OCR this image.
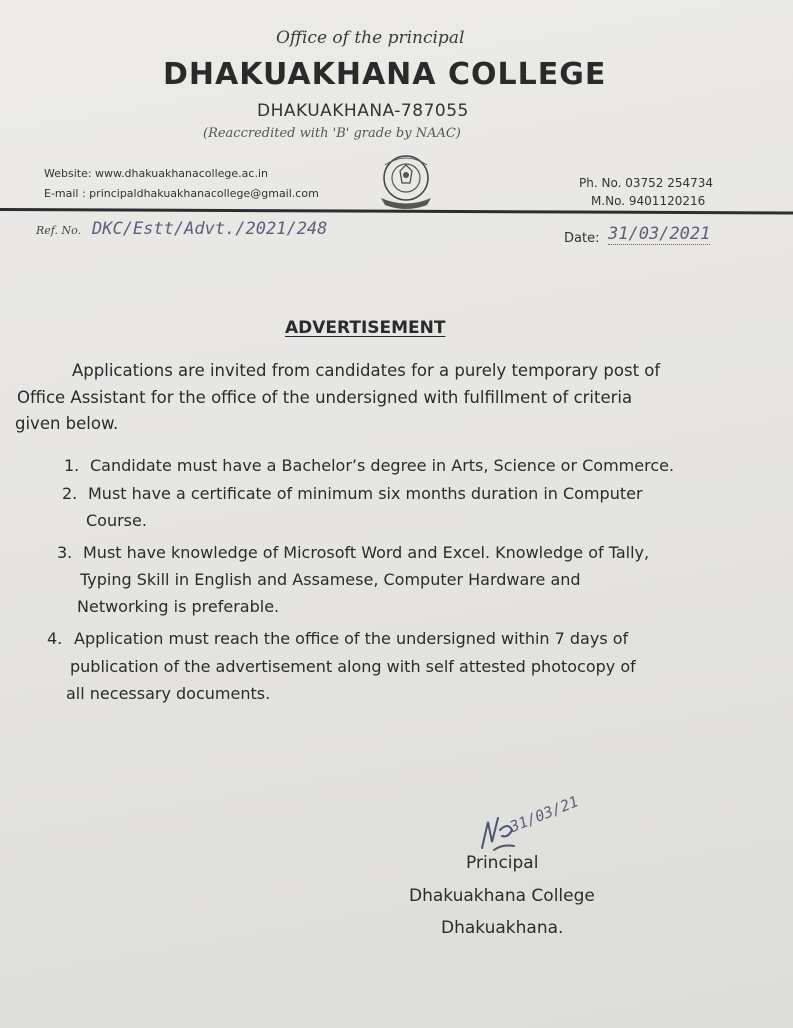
Office of the principal
DHAKUAKHANA COLLEGE
DHAKUAKHANA-787055
(Reaccredited with 'B' grade by NAAC)
Website: www.dhakuakhanacollege.ac.in
E-mail : principaldhakuakhanacollege@gmail.com
Ph. No. 03752 254734
M.No. 9401120216
Ref. No. DKC/Estt/Advt./2021/248	Date: 31/03/2021
ADVERTISEMENT
Applications are invited from candidates for a purely temporary post of
Office Assistant for the office of the undersigned with fulfillment of criteria
given below.
1. Candidate must have a Bachelor’s degree in Arts, Science or Commerce.
2. Must have a certificate of minimum six months duration in Computer
Course.
3. Must have knowledge of Microsoft Word and Excel. Knowledge of Tally,
Typing Skill in English and Assamese, Computer Hardware and
Networking is preferable.
4. Application must reach the office of the undersigned within 7 days of
publication of the advertisement along with self attested photocopy of
all necessary documents.
31/03/21
Principal
Dhakuakhana College
Dhakuakhana.
